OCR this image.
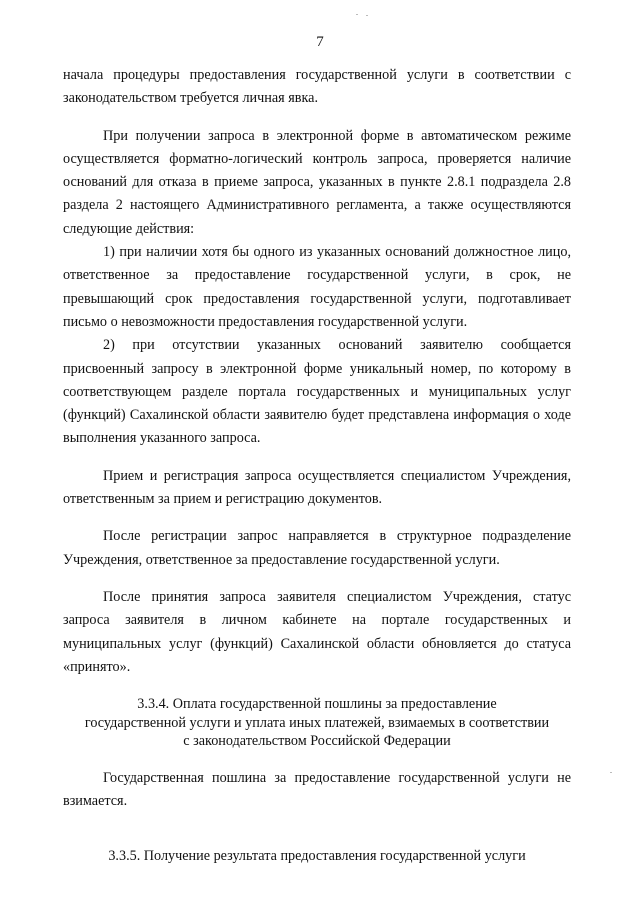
7

начала процедуры предоставления государственной услуги в соответствии с законодательством требуется личная явка.

При получении запроса в электронной форме в автоматическом режиме осуществляется форматно-логический контроль запроса, проверяется наличие оснований для отказа в приеме запроса, указанных в пункте 2.8.1 подраздела 2.8 раздела 2 настоящего Административного регламента, а также осуществляются следующие действия:

1) при наличии хотя бы одного из указанных оснований должностное лицо, ответственное за предоставление государственной услуги, в срок, не превышающий срок предоставления государственной услуги, подготавливает письмо о невозможности предоставления государственной услуги.

2) при отсутствии указанных оснований заявителю сообщается присвоенный запросу в электронной форме уникальный номер, по которому в соответствующем разделе портала государственных и муниципальных услуг (функций) Сахалинской области заявителю будет представлена информация о ходе выполнения указанного запроса.

Прием и регистрация запроса осуществляется специалистом Учреждения, ответственным за прием и регистрацию документов.

После регистрации запрос направляется в структурное подразделение Учреждения, ответственное за предоставление государственной услуги.

После принятия запроса заявителя специалистом Учреждения, статус запроса заявителя в личном кабинете на портале государственных и муниципальных услуг (функций) Сахалинской области обновляется до статуса «принято».

3.3.4. Оплата государственной пошлины за предоставление
государственной услуги и уплата иных платежей, взимаемых в соответствии
с законодательством Российской Федерации

Государственная пошлина за предоставление государственной услуги не взимается.

3.3.5. Получение результата предоставления государственной услуги
